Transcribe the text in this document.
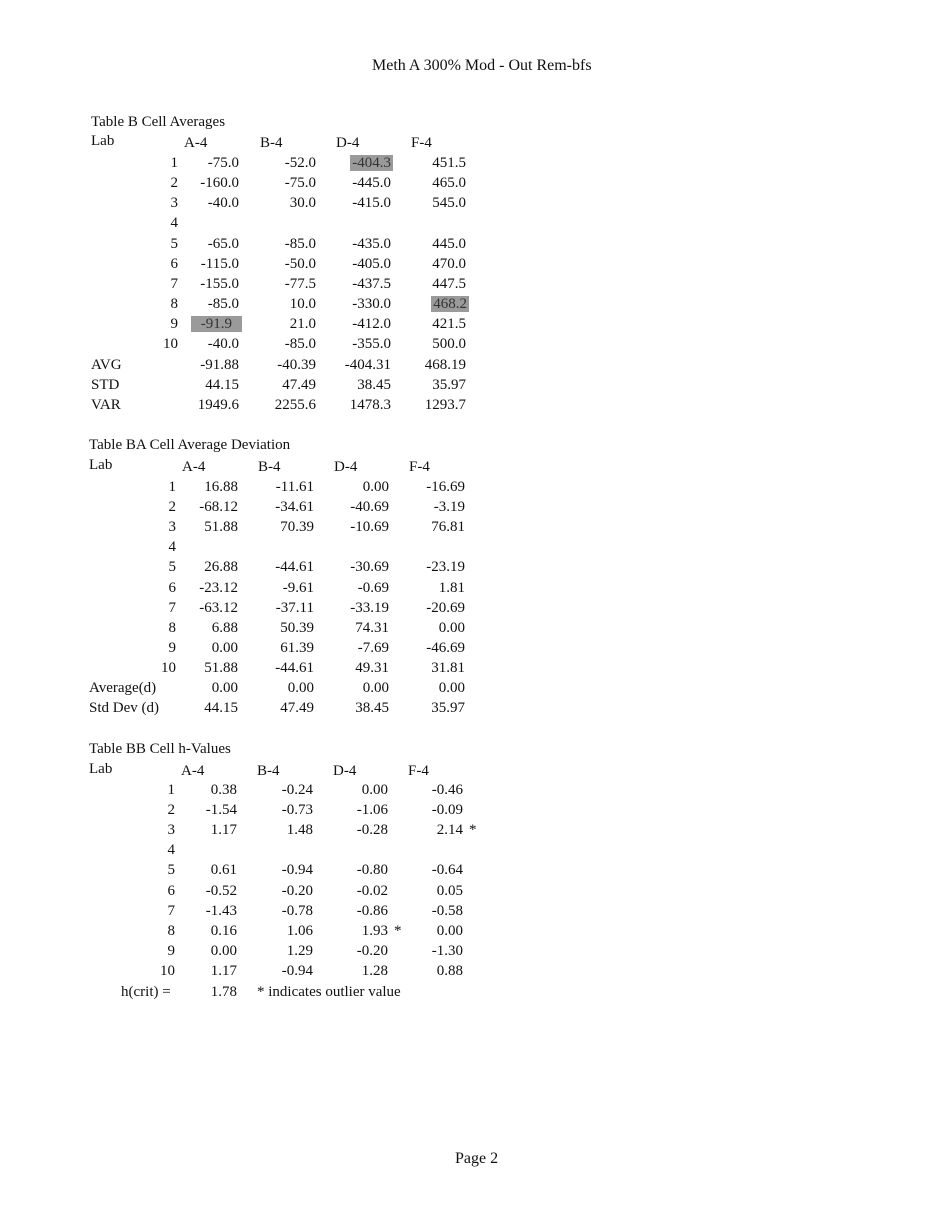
Meth A 300% Mod - Out Rem-bfs
Table B Cell Averages
Lab	A-4	B-4	D-4	F-4
1	-75.0	-52.0	-404.3	451.5
2	-160.0	-75.0	-445.0	465.0
3	-40.0	30.0	-415.0	545.0
4
5	-65.0	-85.0	-435.0	445.0
6	-115.0	-50.0	-405.0	470.0
7	-155.0	-77.5	-437.5	447.5
8	-85.0	10.0	-330.0	468.2
9	-91.9	21.0	-412.0	421.5
10	-40.0	-85.0	-355.0	500.0
AVG	-91.88	-40.39	-404.31	468.19
STD	44.15	47.49	38.45	35.97
VAR	1949.6	2255.6	1478.3	1293.7
Table BA Cell Average Deviation
Lab	A-4	B-4	D-4	F-4
1	16.88	-11.61	0.00	-16.69
2	-68.12	-34.61	-40.69	-3.19
3	51.88	70.39	-10.69	76.81
4
5	26.88	-44.61	-30.69	-23.19
6	-23.12	-9.61	-0.69	1.81
7	-63.12	-37.11	-33.19	-20.69
8	6.88	50.39	74.31	0.00
9	0.00	61.39	-7.69	-46.69
10	51.88	-44.61	49.31	31.81
Average(d)	0.00	0.00	0.00	0.00
Std Dev (d)	44.15	47.49	38.45	35.97
Table BB Cell h-Values
Lab	A-4	B-4	D-4	F-4
1	0.38	-0.24	0.00	-0.46
2	-1.54	-0.73	-1.06	-0.09
3	1.17	1.48	-0.28	2.14 *
4
5	0.61	-0.94	-0.80	-0.64
6	-0.52	-0.20	-0.02	0.05
7	-1.43	-0.78	-0.86	-0.58
8	0.16	1.06	1.93 *	0.00
9	0.00	1.29	-0.20	-1.30
10	1.17	-0.94	1.28	0.88
h(crit) =	1.78 * indicates outlier value
Page 2
